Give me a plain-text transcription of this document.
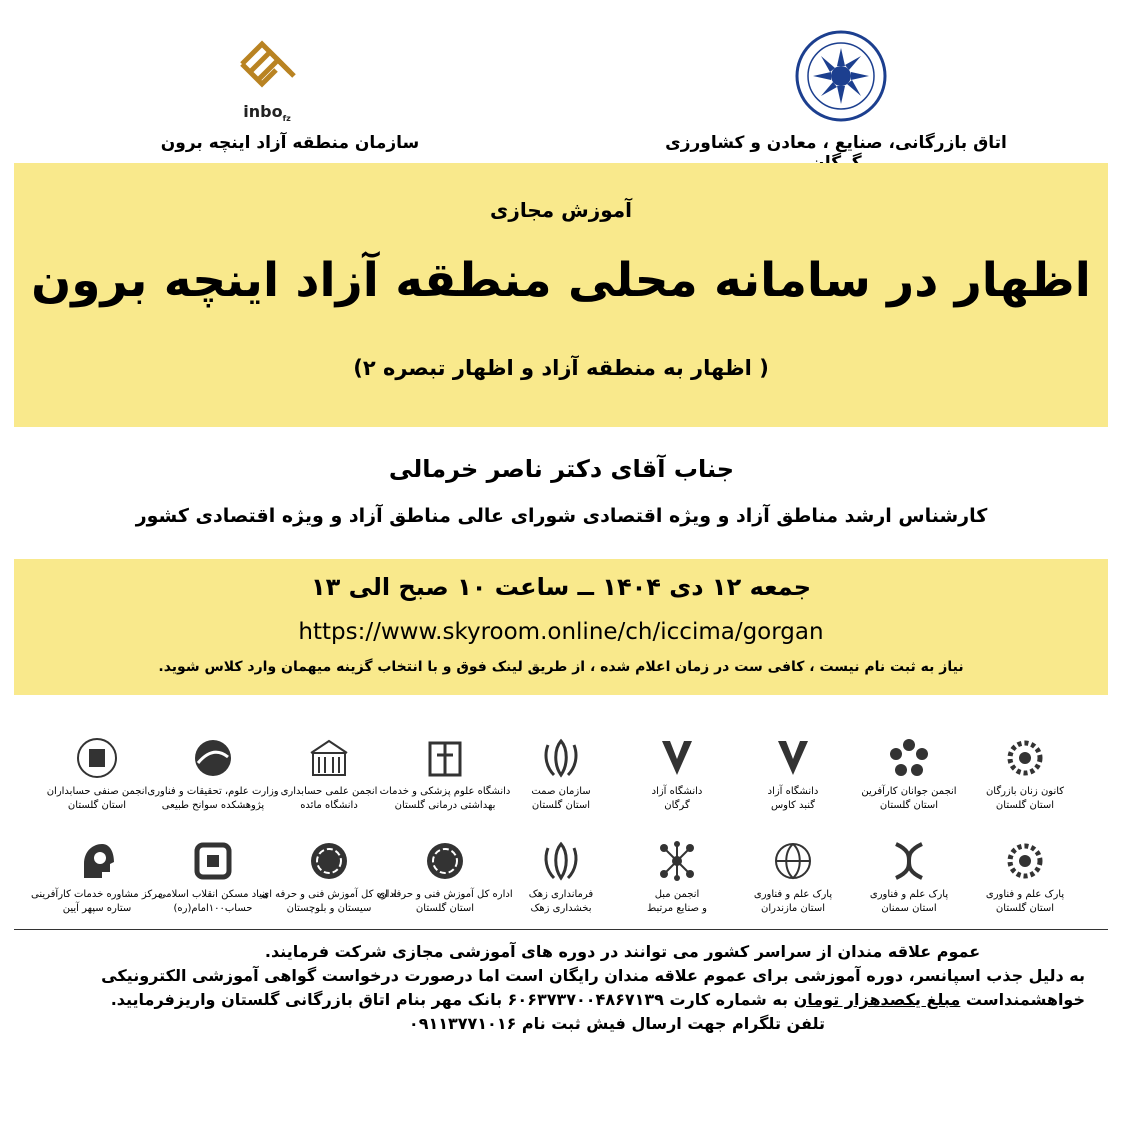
inbo$_{fz}$
اتاق بازرگانی، صنایع ، معادن و کشاورزی
سازمان منطقه آزاد اینچه برون
آموزش مجازی
اظهار در سامانه محلی منطقه آزاد اینچه برون
( اظهار به منطقه آزاد و اظهار تبصره ۲)
جناب آقای دکتر ناصر خرمالی
کارشناس ارشد مناطق آزاد و ویژه اقتصادی شورای عالی مناطق آزاد و ویژه اقتصادی کشور
جمعه ۱۲ دی ۱۴۰۴ ــ ساعت ۱۰ صبح الی ۱۳
https://www.skyroom.online/ch/iccima/gorgan
نیاز به ثبت نام نیست ، کافی ست در زمان اعلام شده ، از طریق لینک فوق و با انتخاب گزینه میهمان وارد کلاس شوید.
کانون زنان بازرگان
استان گلستان
انجمن جوانان کارآفرین
استان گلستان
دانشگاه آزاد
گنبد کاوس
دانشگاه آزاد
گرگان
سازمان صمت
استان گلستان
دانشگاه علوم پزشکی و خدمات
بهداشتی درمانی گلستان
انجمن علمی حسابداری
دانشگاه مائده
وزارت علوم، تحقیقات و فناوری
پژوهشکده سوانح طبیعی
انجمن صنفی حسابداران
استان گلستان
پارک علم و فناوری
استان گلستان
پارک علم و فناوری
استان سمنان
پارک علم و فناوری
استان مازندران
انجمن مبل
و صنایع مرتبط
فرمانداری زهک
بخشداری زهک
اداره کل آموزش فنی و حرفه ای
استان گلستان
اداره کل آموزش فنی و حرفه ای
سیستان و بلوچستان
بنیاد مسکن انقلاب اسلامی
حساب۱۰۰امام(ره)
مرکز مشاوره خدمات کارآفرینی
ستاره سپهر آیین
عموم علاقه مندان از سراسر کشور می توانند در دوره های آموزشی مجازی شرکت فرمایند.
به دلیل جذب اسپانسر، دوره آموزشی برای عموم علاقه مندان رایگان است اما درصورت درخواست گواهی آموزشی الکترونیکی
خواهشمنداست مبلغ یکصدهزار تومان به شماره کارت ۶۰۶۳۷۳۷۰۰۴۸۶۷۱۳۹ بانک مهر بنام اتاق بازرگانی گلستان واریزفرمایید.
تلفن تلگرام جهت ارسال فیش ثبت نام ۰۹۱۱۳۷۷۱۰۱۶
